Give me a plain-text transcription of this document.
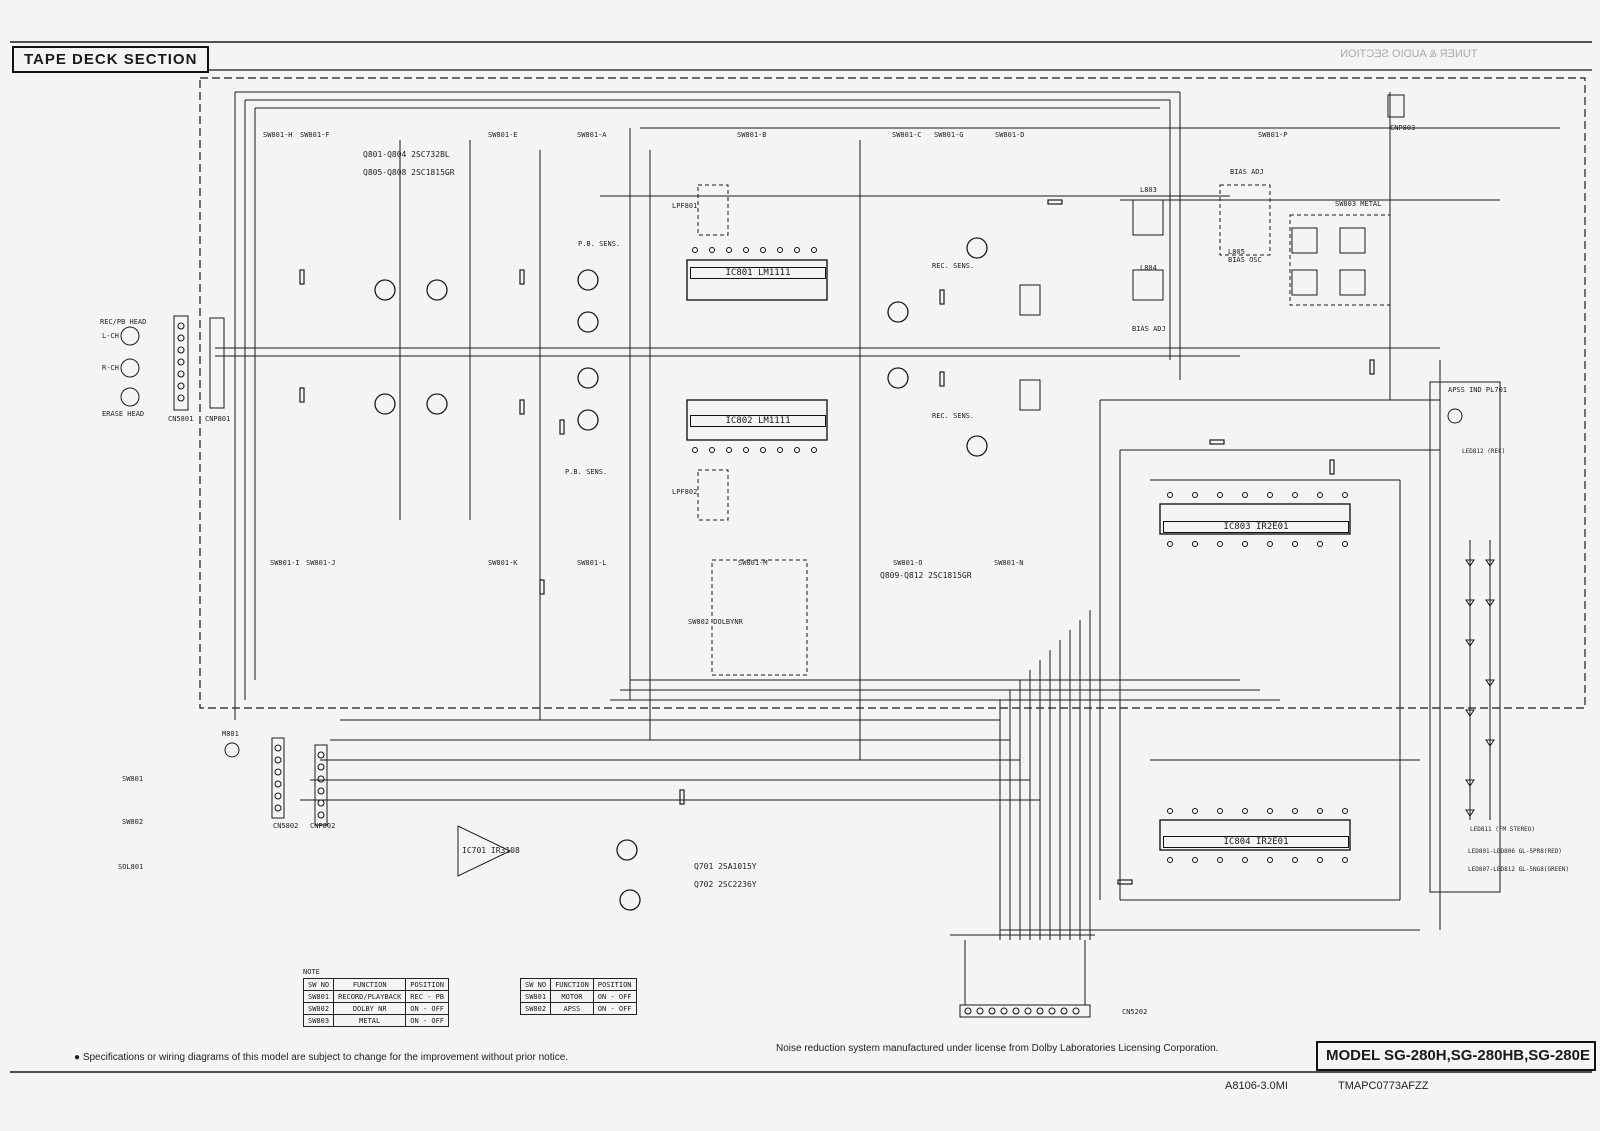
TAPE DECK SECTION	TUNER & AUDIO SECTION
Q801-Q804 2SC732BL
Q805-Q808 2SC1815GR
Q809-Q812 2SC1815GR
Q701 2SA1015Y
Q702 2SC2236Y
IC801 LM1111
IC802 LM1111
IC803 IR2E01
IC804 IR2E01
IC701 IR3108
SW801-H SW801-F	SW801-E	SW801-A	SW801-B	SW801-C SW801-G	SW801-D	SW801-P
SW801-I SW801-J	SW801-K	SW801-L	SW801-M	SW801-O	SW801-N
CNP803
CN5801 CNP801
CN5802 CNP802
CN5202
REC/PB HEAD
L-CH
R-CH
ERASE HEAD
LPF801
LPF802
BIAS ADJ
BIAS OSC
BIAS ADJ
L803
L804
L805
SW803 METAL
SW802 DOLBYNR
P.B. SENS.
P.B. SENS.
REC. SENS.
REC. SENS.
APSS IND PL701
M801
SW801
SW802
SOL801
LED801-LED806 GL-5PR8(RED)
LED807-LED812 GL-5NG8(GREEN)
LED811 (FM STEREO)
LED812 (REC)
NOTE
SW NO	FUNCTION	POSITION
SW801	RECORD/PLAYBACK	REC - PB
SW802	DOLBY NR	ON - OFF
SW803	METAL	ON - OFF
SW NO	FUNCTION	POSITION
SW801	MOTOR	ON - OFF
SW802	APSS	ON - OFF
● Specifications or wiring diagrams of this model are subject to change for the improvement without prior notice.
Noise reduction system manufactured under license from Dolby Laboratories Licensing Corporation.	MODEL SG-280H,SG-280HB,SG-280E
A8106-3.0MI	TMAPC0773AFZZ
